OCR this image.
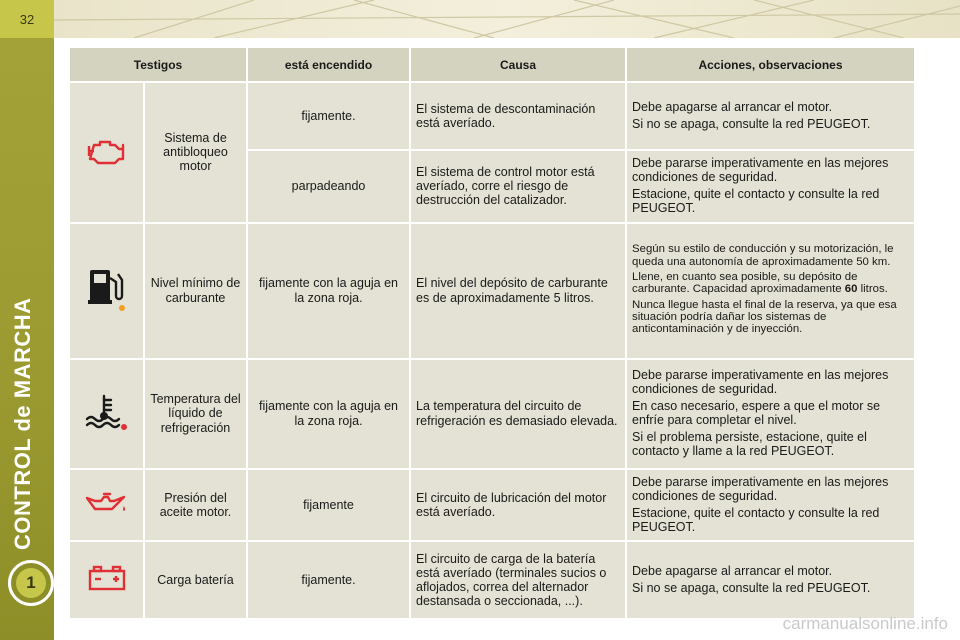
32
CONTROL de MARCHA
1
Testigos		está encendido	Causa	Acciones, observaciones
	Sistema de antibloqueo motor	fijamente.	El sistema de descontaminación está averíado.	Debe apagarse al arrancar el motor.

Si no se apaga, consulte la red PEUGEOT.

		parpadeando	El sistema de control motor está averíado, corre el riesgo de destrucción del catalizador.	Debe pararse imperativamente en las mejores condiciones de seguridad.

Estacione, quite el contacto y consulte la red PEUGEOT.

	Nivel mínimo de carburante	fijamente con la aguja en la zona roja.	El nivel del depósito de carburante es de aproximadamente 5 litros.	Según su estilo de conducción y su motorización, le queda una autonomía de aproximadamente 50 km.

Llene, en cuanto sea posible, su depósito de carburante. Capacidad aproximadamente 60 litros.

Nunca llegue hasta el final de la reserva, ya que esa situación podría dañar los sistemas de anticontaminación y de inyección.

	Temperatura del líquido de refrigeración	fijamente con la aguja en la zona roja.	La temperatura del circuito de refrigeración es demasiado elevada.	Debe pararse imperativamente en las mejores condiciones de seguridad.

En caso necesario, espere a que el motor se enfríe para completar el nivel.

Si el problema persiste, estacione, quite el contacto y llame a la red PEUGEOT.

	Presión del aceite motor.	fijamente	El circuito de lubricación del motor está averíado.	Debe pararse imperativamente en las mejores condiciones de seguridad.

Estacione, quite el contacto y consulte la red PEUGEOT.

	Carga batería	fijamente.	El circuito de carga de la batería está averíado (terminales sucios o aflojados, correa del alternador destansada o seccionada, ...).	Debe apagarse al arrancar el motor.

Si no se apaga, consulte la red PEUGEOT.

carmanualsonline.info
